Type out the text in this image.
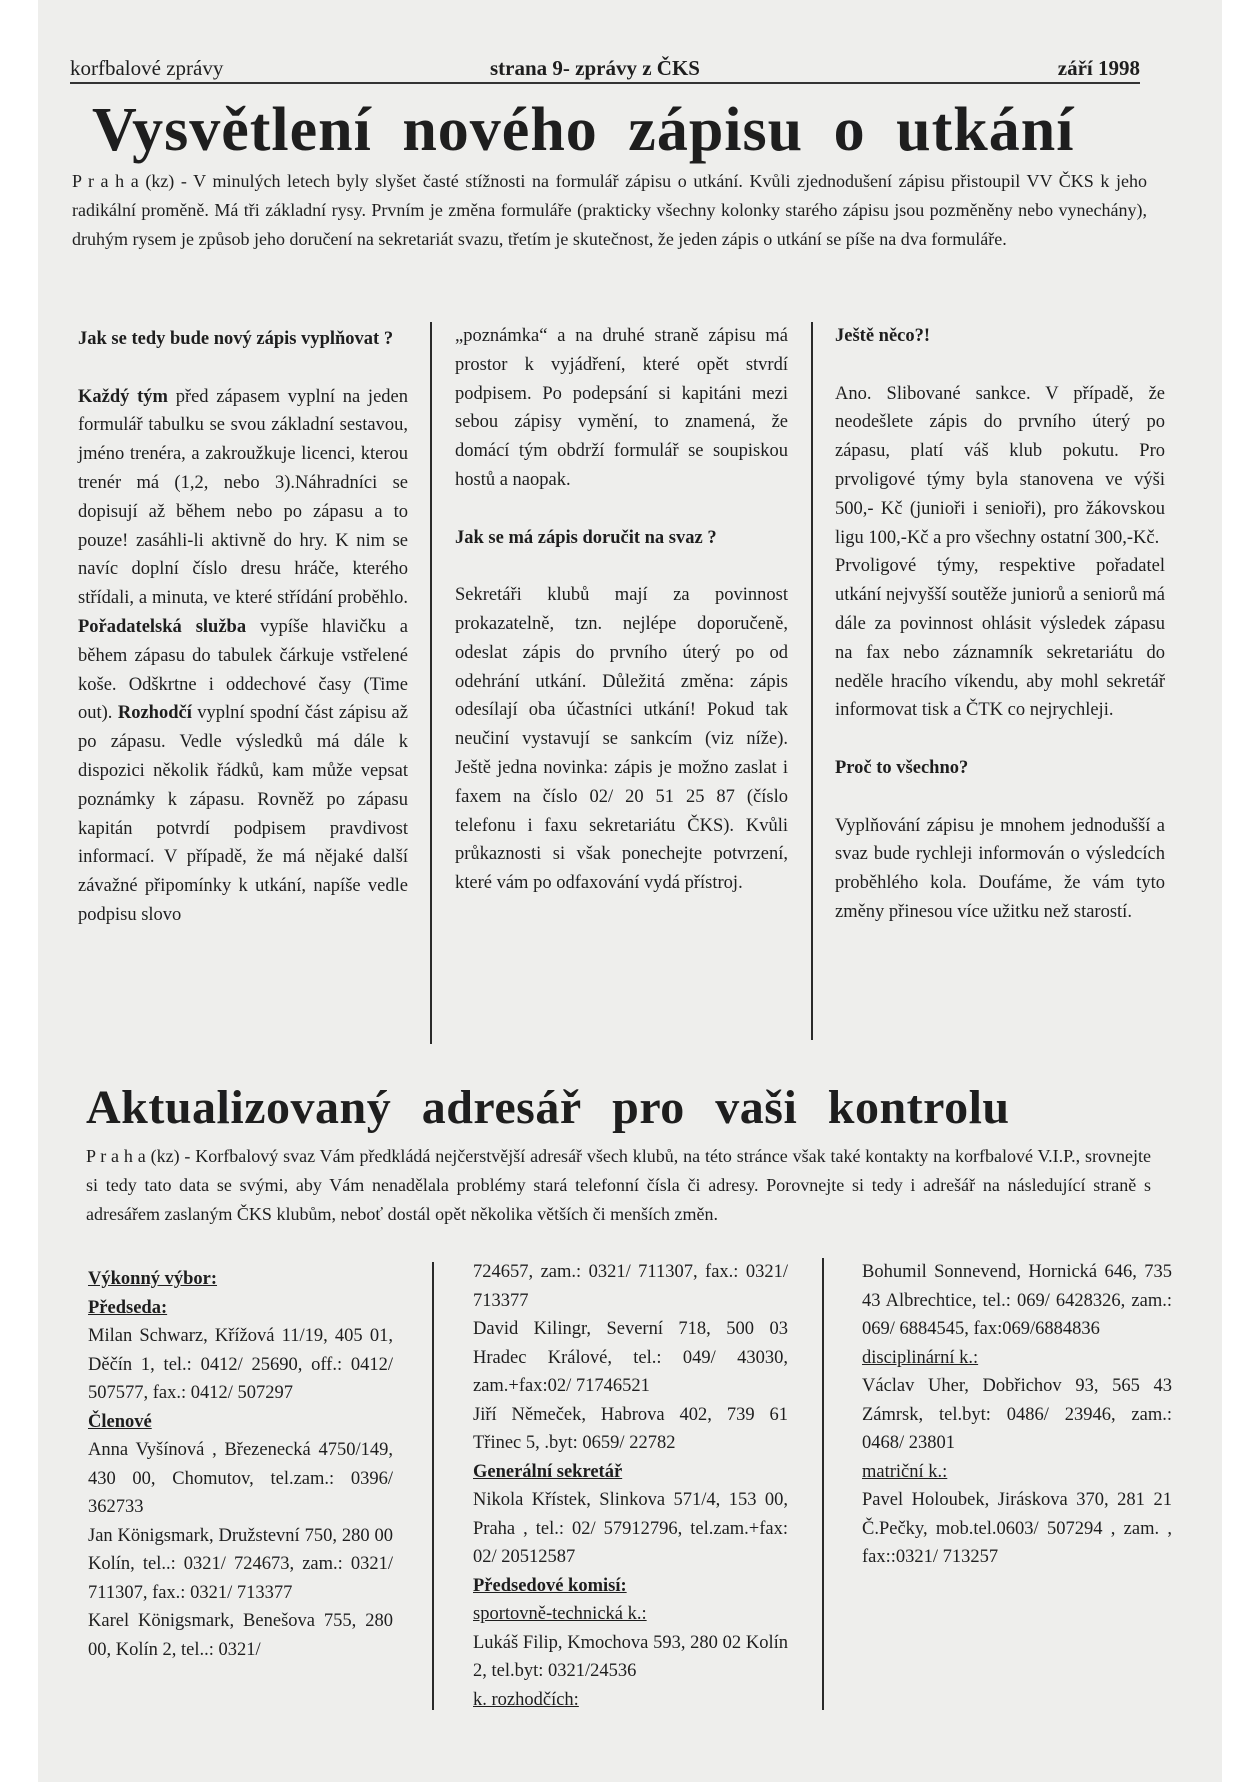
korfbalové zprávy	strana 9- zprávy z ČKS	září 1998
Vysvětlení nového zápisu o utkání
P r a h a (kz) - V minulých letech byly slyšet časté stížnosti na formulář zápisu o utkání. Kvůli zjednodušení zápisu přistoupil VV ČKS k jeho radikální proměně. Má tři základní rysy. Prvním je změna formuláře (prakticky všechny kolonky starého zápisu jsou pozměněny nebo vynechány), druhým rysem je způsob jeho doručení na sekretariát svazu, třetím je skutečnost, že jeden zápis o utkání se píše na dva formuláře.

Jak se tedy bude nový zápis vyplňovat ?

Každý tým před zápasem vyplní na jeden formulář tabulku se svou základní sestavou, jméno trenéra, a zakroužkuje licenci, kterou trenér má (1,2, nebo 3).Náhradníci se dopisují až během nebo po zápasu a to pouze! zasáhli-li aktivně do hry. K nim se navíc doplní číslo dresu hráče, kterého střídali, a minuta, ve které střídání proběhlo. Pořadatelská služba vypíše hlavičku a během zápasu do tabulek čárkuje vstřelené koše. Odškrtne i oddechové časy (Time out). Rozhodčí vyplní spodní část zápisu až po zápasu. Vedle výsledků má dále k dispozici několik řádků, kam může vepsat poznámky k zápasu. Rovněž po zápasu kapitán potvrdí podpisem pravdivost informací. V případě, že má nějaké další závažné připomínky k utkání, napíše vedle podpisu slovo

„poznámka“ a na druhé straně zápisu má prostor k vyjádření, které opět stvrdí podpisem. Po podepsání si kapitáni mezi sebou zápisy vymění, to znamená, že domácí tým obdrží formulář se soupiskou hostů a naopak.

Jak se má zápis doručit na svaz ?

Sekretáři klubů mají za povinnost prokazatelně, tzn. nejlépe doporučeně, odeslat zápis do prvního úterý po od odehrání utkání. Důležitá změna: zápis odesílají oba účastníci utkání! Pokud tak neučiní vystavují se sankcím (viz níže). Ještě jedna novinka: zápis je možno zaslat i faxem na číslo 02/ 20 51 25 87 (číslo telefonu i faxu sekretariátu ČKS). Kvůli průkaznosti si však ponechejte potvrzení, které vám po odfaxování vydá přístroj.

Ještě něco?!

Ano. Slibované sankce. V případě, že neodešlete zápis do prvního úterý po zápasu, platí váš klub pokutu. Pro prvoligové týmy byla stanovena ve výši 500,- Kč (junioři i senioři), pro žákovskou ligu 100,-Kč a pro všechny ostatní 300,-Kč.

Prvoligové týmy, respektive pořadatel utkání nejvyšší soutěže juniorů a seniorů má dále za povinnost ohlásit výsledek zápasu na fax nebo záznamník sekretariátu do neděle hracího víkendu, aby mohl sekretář informovat tisk a ČTK co nejrychleji.

Proč to všechno?

Vyplňování zápisu je mnohem jednodušší a svaz bude rychleji informován o výsledcích proběhlého kola. Doufáme, že vám tyto změny přinesou více užitku než starostí.

Aktualizovaný adresář pro vaši kontrolu
P r a h a (kz) - Korfbalový svaz Vám předkládá nejčerstvější adresář všech klubů, na této stránce však také kontakty na korfbalové V.I.P., srovnejte si tedy tato data se svými, aby Vám nenadělala problémy stará telefonní čísla či adresy. Porovnejte si tedy i adrešář na následující straně s adresářem zaslaným ČKS klubům, neboť dostál opět několika větších či menších změn.

Výkonný výbor:

Předseda:

Milan Schwarz, Křížová 11/19, 405 01, Děčín 1, tel.: 0412/ 25690, off.: 0412/ 507577, fax.: 0412/ 507297

Členové

Anna Vyšínová , Březenecká 4750/149, 430 00, Chomutov, tel.zam.: 0396/ 362733

Jan Königsmark, Družstevní 750, 280 00 Kolín, tel..: 0321/ 724673, zam.: 0321/ 711307, fax.: 0321/ 713377

Karel Königsmark, Benešova 755, 280 00, Kolín 2, tel..: 0321/

724657, zam.: 0321/ 711307, fax.: 0321/ 713377

David Kilingr, Severní 718, 500 03 Hradec Králové, tel.: 049/ 43030, zam.+fax:02/ 71746521

Jiří Němeček, Habrova 402, 739 61 Třinec 5, .byt: 0659/ 22782

Generální sekretář

Nikola Křístek, Slinkova 571/4, 153 00, Praha , tel.: 02/ 57912796, tel.zam.+fax: 02/ 20512587

Předsedové komisí:

sportovně-technická k.:

Lukáš Filip, Kmochova 593, 280 02 Kolín 2, tel.byt: 0321/24536

k. rozhodčích:

Bohumil Sonnevend, Hornická 646, 735 43 Albrechtice, tel.: 069/ 6428326, zam.: 069/ 6884545, fax:069/6884836

disciplinární k.:

Václav Uher, Dobřichov 93, 565 43 Zámrsk, tel.byt: 0486/ 23946, zam.: 0468/ 23801

matriční k.:

Pavel Holoubek, Jiráskova 370, 281 21 Č.Pečky, mob.tel.0603/ 507294 , zam. , fax::0321/ 713257
